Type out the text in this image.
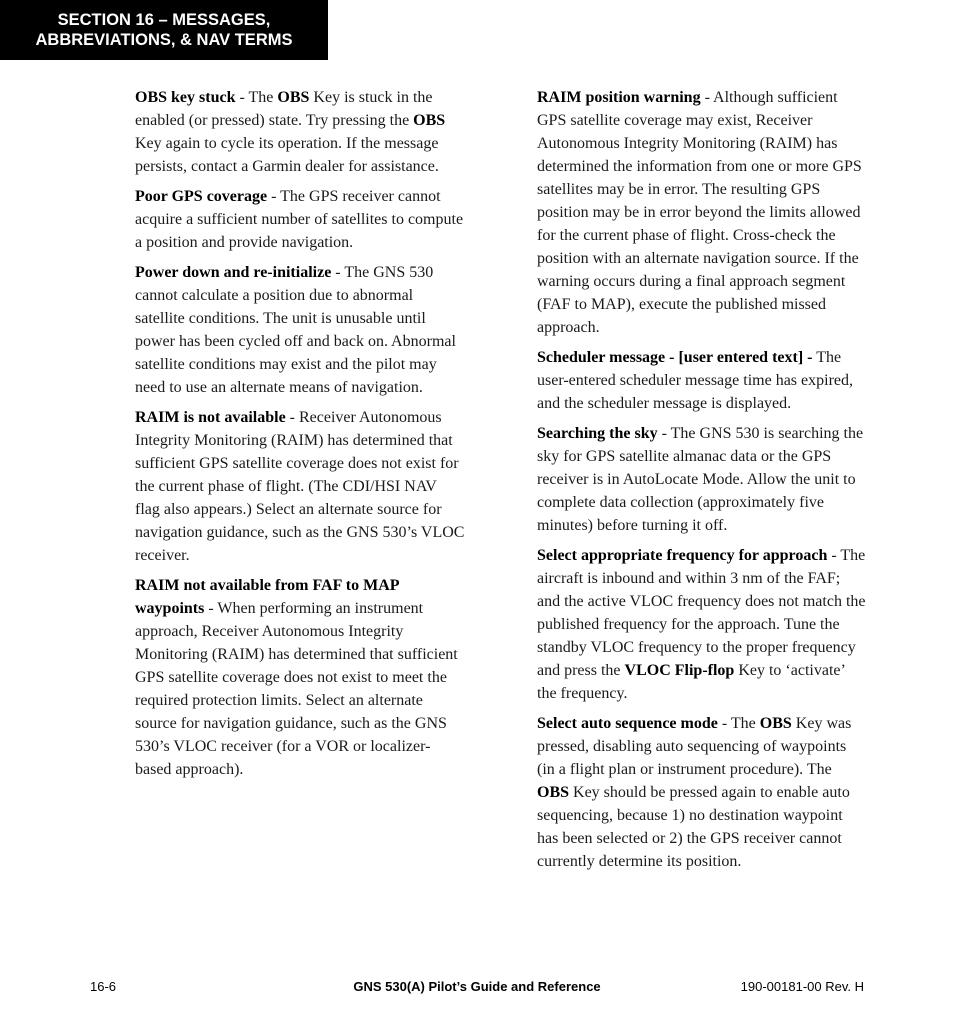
SECTION 16 – MESSAGES,
ABBREVIATIONS, & NAV TERMS

OBS key stuck - The OBS Key is stuck in the enabled (or pressed) state. Try pressing the OBS Key again to cycle its operation. If the message persists, contact a Garmin dealer for assistance.

Poor GPS coverage - The GPS receiver cannot acquire a sufficient number of satellites to compute a position and provide navigation.

Power down and re-initialize - The GNS 530 cannot calculate a position due to abnormal satellite conditions. The unit is unusable until power has been cycled off and back on. Abnormal satellite conditions may exist and the pilot may need to use an alternate means of navigation.

RAIM is not available - Receiver Autonomous Integrity Monitoring (RAIM) has determined that sufficient GPS satellite coverage does not exist for the current phase of flight. (The CDI/HSI NAV flag also appears.) Select an alternate source for navigation guidance, such as the GNS 530’s VLOC receiver.

RAIM not available from FAF to MAP waypoints - When performing an instrument approach, Receiver Autonomous Integrity Monitoring (RAIM) has determined that sufficient GPS satellite coverage does not exist to meet the required protection limits. Select an alternate source for navigation guidance, such as the GNS 530’s VLOC receiver (for a VOR or localizer-based approach).

RAIM position warning - Although sufficient GPS satellite coverage may exist, Receiver Autonomous Integrity Monitoring (RAIM) has determined the information from one or more GPS satellites may be in error. The resulting GPS position may be in error beyond the limits allowed for the current phase of flight. Cross-check the position with an alternate navigation source. If the warning occurs during a final approach segment (FAF to MAP), execute the published missed approach.

Scheduler message - [user entered text] - The user-entered scheduler message time has expired, and the scheduler message is displayed.

Searching the sky - The GNS 530 is searching the sky for GPS satellite almanac data or the GPS receiver is in AutoLocate Mode. Allow the unit to complete data collection (approximately five minutes) before turning it off.

Select appropriate frequency for approach - The aircraft is inbound and within 3 nm of the FAF; and the active VLOC frequency does not match the published frequency for the approach. Tune the standby VLOC frequency to the proper frequency and press the VLOC Flip-flop Key to ‘activate’ the frequency.

Select auto sequence mode - The OBS Key was pressed, disabling auto sequencing of waypoints (in a flight plan or instrument procedure). The OBS Key should be pressed again to enable auto sequencing, because 1) no destination waypoint has been selected or 2) the GPS receiver cannot currently determine its position.

16-6	GNS 530(A) Pilot’s Guide and Reference	190-00181-00 Rev. H
